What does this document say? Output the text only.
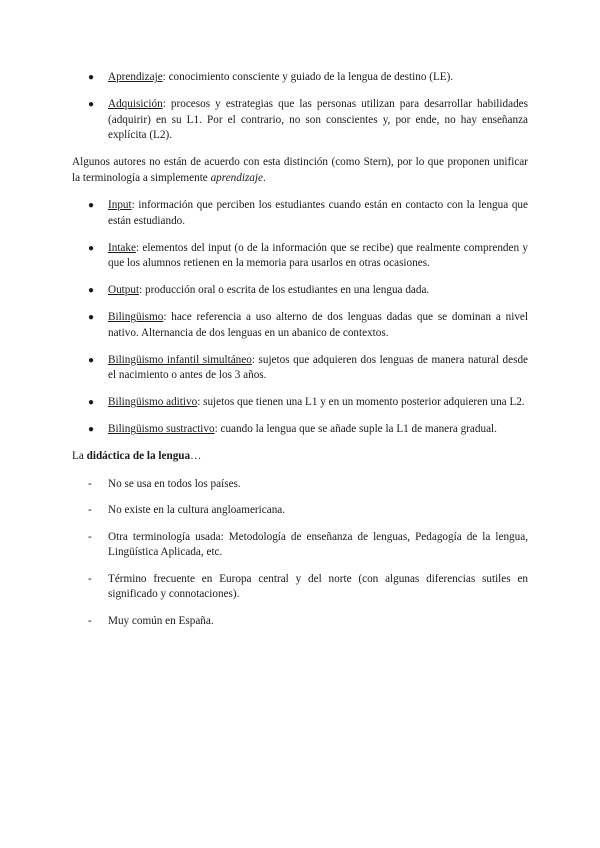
● Aprendizaje: conocimiento consciente y guiado de la lengua de destino (LE).
● Adquisición: procesos y estrategias que las personas utilizan para desarrollar habilidades (adquirir) en su L1. Por el contrario, no son conscientes y, por ende, no hay enseñanza explícita (L2).

Algunos autores no están de acuerdo con esta distinción (como Stern), por lo que proponen unificar la terminología a simplemente aprendizaje.

● Input: información que perciben los estudiantes cuando están en contacto con la lengua que están estudiando.
● Intake: elementos del input (o de la información que se recibe) que realmente comprenden y que los alumnos retienen en la memoria para usarlos en otras ocasiones.
● Output: producción oral o escrita de los estudiantes en una lengua dada.
● Bilingüismo: hace referencia a uso alterno de dos lenguas dadas que se dominan a nivel nativo. Alternancia de dos lenguas en un abanico de contextos.
● Bilingüismo infantil simultáneo: sujetos que adquieren dos lenguas de manera natural desde el nacimiento o antes de los 3 años.
● Bilingüismo aditivo: sujetos que tienen una L1 y en un momento posterior adquieren una L2.
● Bilingüismo sustractivo: cuando la lengua que se añade suple la L1 de manera gradual.

La didáctica de la lengua…

- No se usa en todos los países.
- No existe en la cultura angloamericana.
- Otra terminología usada: Metodología de enseñanza de lenguas, Pedagogía de la lengua, Lingüística Aplicada, etc.
- Término frecuente en Europa central y del norte (con algunas diferencias sutiles en significado y connotaciones).
- Muy común en España.
